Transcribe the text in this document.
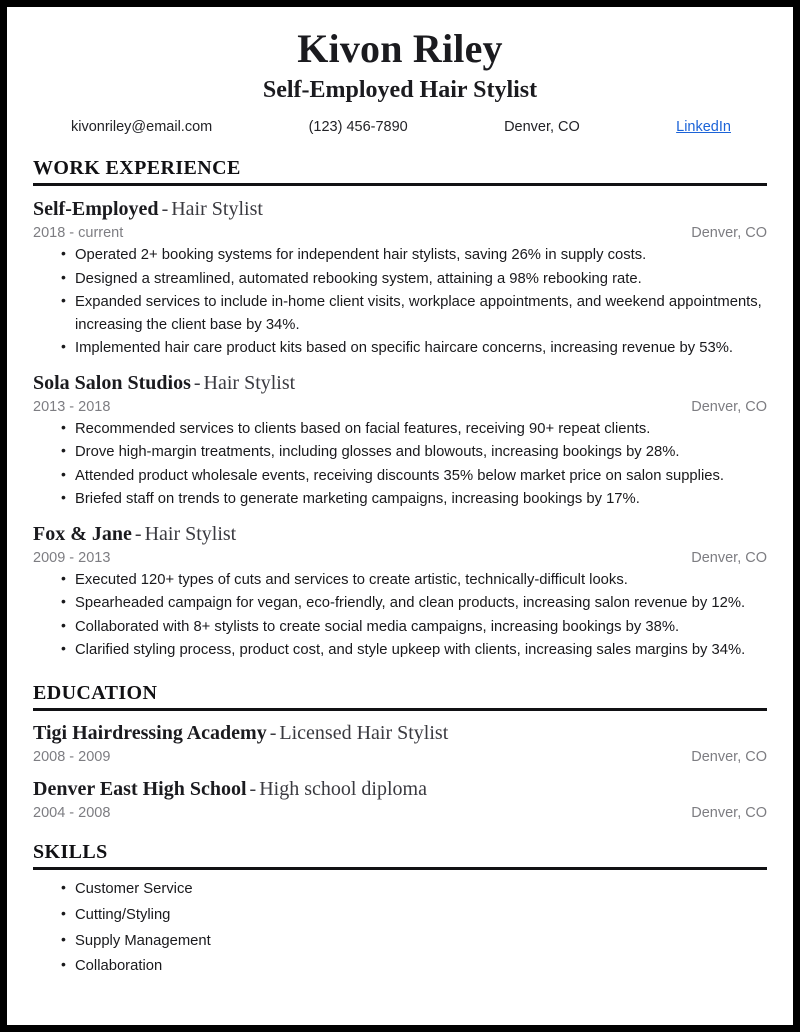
Kivon Riley
Self-Employed Hair Stylist
kivonriley@email.com	(123) 456-7890	Denver, CO	LinkedIn
WORK EXPERIENCE
Self-Employed - Hair Stylist
2018 - current	Denver, CO
• Operated 2+ booking systems for independent hair stylists, saving 26% in supply costs.
• Designed a streamlined, automated rebooking system, attaining a 98% rebooking rate.
• Expanded services to include in-home client visits, workplace appointments, and weekend appointments, increasing the client base by 34%.
• Implemented hair care product kits based on specific haircare concerns, increasing revenue by 53%.
Sola Salon Studios - Hair Stylist
2013 - 2018	Denver, CO
• Recommended services to clients based on facial features, receiving 90+ repeat clients.
• Drove high-margin treatments, including glosses and blowouts, increasing bookings by 28%.
• Attended product wholesale events, receiving discounts 35% below market price on salon supplies.
• Briefed staff on trends to generate marketing campaigns, increasing bookings by 17%.
Fox & Jane - Hair Stylist
2009 - 2013	Denver, CO
• Executed 120+ types of cuts and services to create artistic, technically-difficult looks.
• Spearheaded campaign for vegan, eco-friendly, and clean products, increasing salon revenue by 12%.
• Collaborated with 8+ stylists to create social media campaigns, increasing bookings by 38%.
• Clarified styling process, product cost, and style upkeep with clients, increasing sales margins by 34%.
EDUCATION
Tigi Hairdressing Academy - Licensed Hair Stylist
2008 - 2009	Denver, CO
Denver East High School - High school diploma
2004 - 2008	Denver, CO
SKILLS
• Customer Service
• Cutting/Styling
• Supply Management
• Collaboration
